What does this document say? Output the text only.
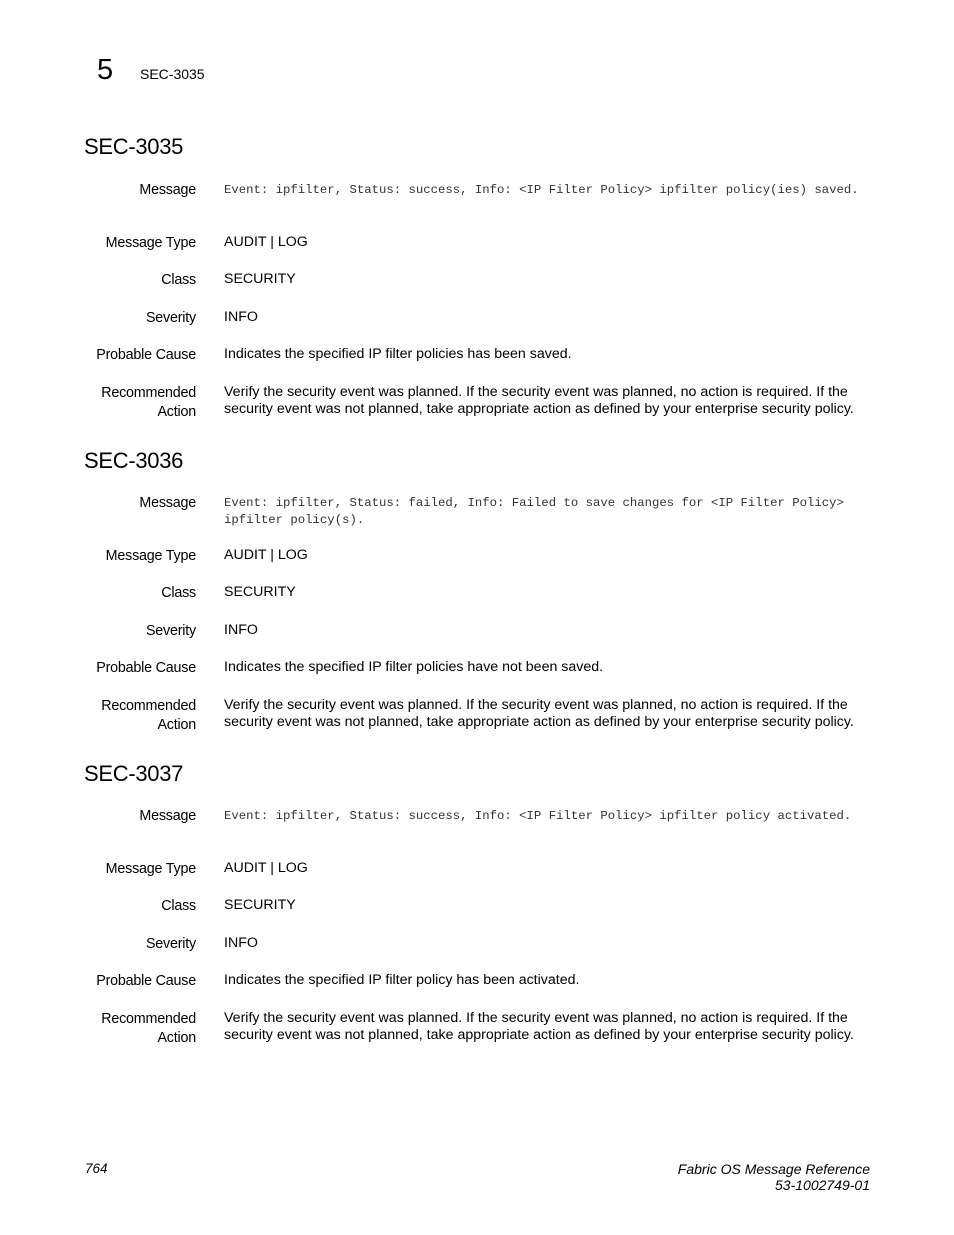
5 SEC-3035
SEC-3035
Message Event: ipfilter, Status: success, Info: <IP Filter Policy> ipfilter policy(ies) saved.
Message Type AUDIT | LOG
Class SECURITY
Severity INFO
Probable Cause Indicates the specified IP filter policies has been saved.
Recommended
Action
Verify the security event was planned. If the security event was planned, no action is required. If the security event was not planned, take appropriate action as defined by your enterprise security policy.
SEC-3036
Message Event: ipfilter, Status: failed, Info: Failed to save changes for <IP Filter Policy> ipfilter policy(s).
Message Type AUDIT | LOG
Class SECURITY
Severity INFO
Probable Cause Indicates the specified IP filter policies have not been saved.
Recommended
Action
Verify the security event was planned. If the security event was planned, no action is required. If the security event was not planned, take appropriate action as defined by your enterprise security policy.
SEC-3037
Message Event: ipfilter, Status: success, Info: <IP Filter Policy> ipfilter policy activated.
Message Type AUDIT | LOG
Class SECURITY
Severity INFO
Probable Cause Indicates the specified IP filter policy has been activated.
Recommended
Action
Verify the security event was planned. If the security event was planned, no action is required. If the security event was not planned, take appropriate action as defined by your enterprise security policy.
764	Fabric OS Message Reference
53-1002749-01
